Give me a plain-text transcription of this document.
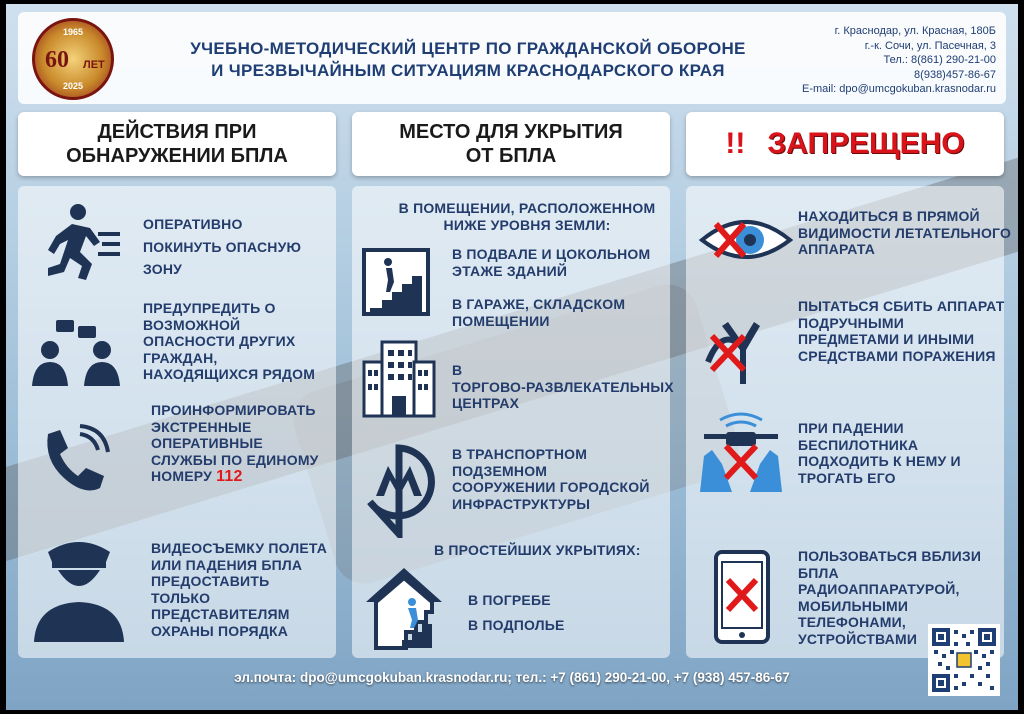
1965
60 ЛЕТ
2025
УЧЕБНО-МЕТОДИЧЕСКИЙ ЦЕНТР ПО ГРАЖДАНСКОЙ ОБОРОНЕ
И ЧРЕЗВЫЧАЙНЫМ СИТУАЦИЯМ КРАСНОДАРСКОГО КРАЯ
г. Краснодар, ул. Красная, 180Б
г.-к. Сочи, ул. Пасечная, 3
Тел.: 8(861) 290-21-00
8(938)457-86-67
E-mail: dpo@umcgokuban.krasnodar.ru
ДЕЙСТВИЯ ПРИ
ОБНАРУЖЕНИИ БПЛА
МЕСТО ДЛЯ УКРЫТИЯ
ОТ БПЛА	!! ЗАПРЕЩЕНО
ОПЕРАТИВНО
ПОКИНУТЬ ОПАСНУЮ
ЗОНУ
ПРЕДУПРЕДИТЬ О
ВОЗМОЖНОЙ
ОПАСНОСТИ ДРУГИХ
ГРАЖДАН,
НАХОДЯЩИХСЯ РЯДОМ
ПРОИНФОРМИРОВАТЬ
ЭКСТРЕННЫЕ
ОПЕРАТИВНЫЕ
СЛУЖБЫ ПО ЕДИНОМУ
НОМЕРУ 112
ВИДЕОСЪЕМКУ ПОЛЕТА
ИЛИ ПАДЕНИЯ БПЛА
ПРЕДОСТАВИТЬ
ТОЛЬКО
ПРЕДСТАВИТЕЛЯМ
ОХРАНЫ ПОРЯДКА
В ПОМЕЩЕНИИ, РАСПОЛОЖЕННОМ
НИЖЕ УРОВНЯ ЗЕМЛИ:
В ПОДВАЛЕ И ЦОКОЛЬНОМ
ЭТАЖЕ ЗДАНИЙ
В ГАРАЖЕ, СКЛАДСКОМ
ПОМЕЩЕНИИ
В
ТОРГОВО-РАЗВЛЕКАТЕЛЬНЫХ
ЦЕНТРАХ
В ТРАНСПОРТНОМ
ПОДЗЕМНОМ
СООРУЖЕНИИ ГОРОДСКОЙ
ИНФРАСТРУКТУРЫ
В ПРОСТЕЙШИХ УКРЫТИЯХ:
В ПОГРЕБЕ
В ПОДПОЛЬЕ
НАХОДИТЬСЯ В ПРЯМОЙ
ВИДИМОСТИ ЛЕТАТЕЛЬНОГО
АППАРАТА
ПЫТАТЬСЯ СБИТЬ АППАРАТ
ПОДРУЧНЫМИ
ПРЕДМЕТАМИ И ИНЫМИ
СРЕДСТВАМИ ПОРАЖЕНИЯ
ПРИ ПАДЕНИИ
БЕСПИЛОТНИКА
ПОДХОДИТЬ К НЕМУ И
ТРОГАТЬ ЕГО
ПОЛЬЗОВАТЬСЯ ВБЛИЗИ
БПЛА
РАДИОАППАРАТУРОЙ,
МОБИЛЬНЫМИ
ТЕЛЕФОНАМИ,
УСТРОЙСТВАМИ
эл.почта: dpo@umcgokuban.krasnodar.ru; тел.: +7 (861) 290-21-00, +7 (938) 457-86-67
